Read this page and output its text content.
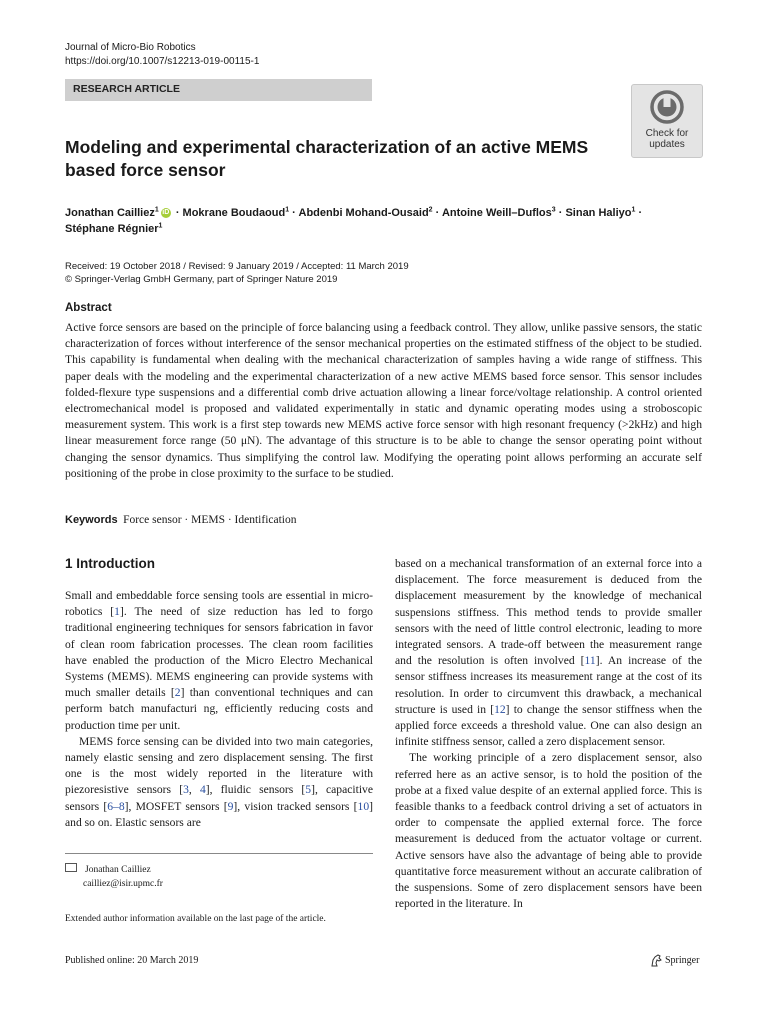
Journal of Micro-Bio Robotics
https://doi.org/10.1007/s12213-019-00115-1
RESEARCH ARTICLE
Check for
updates
Modeling and experimental characterization of an active MEMS based force sensor
Jonathan Cailliez$^1$ iD · Mokrane Boudaoud$^1$ · Abdenbi Mohand-Ousaid$^2$ · Antoine Weill–Duflos$^3$ · Sinan Haliyo$^1$ ·
Stéphane Régnier$^1$
Received: 19 October 2018 / Revised: 9 January 2019 / Accepted: 11 March 2019
© Springer-Verlag GmbH Germany, part of Springer Nature 2019
Abstract
Active force sensors are based on the principle of force balancing using a feedback control. They allow, unlike passive sensors, the static characterization of forces without interference of the sensor mechanical properties on the estimated stiffness of the object to be studied. This capability is fundamental when dealing with the mechanical characterization of samples having a wide range of stiffness. This paper deals with the modeling and the experimental characterization of a new active MEMS based force sensor. This sensor includes folded-flexure type suspensions and a differential comb drive actuation allowing a linear force/voltage relationship. A control oriented electromechanical model is proposed and validated experimentally in static and dynamic operating modes using a stroboscopic measurement system. This work is a first step towards new MEMS active force sensor with high resonant frequency (>2kHz) and high linear measurement force range (50 μN). The advantage of this structure is to be able to change the sensor operating point without changing the sensor dynamics. Thus simplifying the control law. Modifying the operating point allows performing an accurate self positioning of the probe in close proximity to the surface to be studied.
Keywords Force sensor · MEMS · Identification
1 Introduction

Small and embeddable force sensing tools are essential in micro-robotics [1]. The need of size reduction has led to forgo traditional engineering techniques for sensors fabrication in favor of clean room fabrication processes. The clean room facilities have enabled the production of the Micro Electro Mechanical Systems (MEMS). MEMS engineering can provide systems with much smaller details [2] than conventional techniques and can perform batch manufacturi ng, efficiently reducing costs and production time per unit.

MEMS force sensing can be divided into two main categories, namely elastic sensing and zero displacement sensing. The first one is the most widely reported in the literature with piezoresistive sensors [3, 4], fluidic sensors [5], capacitive sensors [6–8], MOSFET sensors [9], vision tracked sensors [10] and so on. Elastic sensors are

based on a mechanical transformation of an external force into a displacement. The force measurement is deduced from the displacement measurement by the knowledge of mechanical suspensions stiffness. This method tends to provide smaller sensors with the need of little control electronic, leading to more integrated sensors. A trade-off between the measurement range and the resolution is often involved [11]. An increase of the sensor stiffness increases its measurement range at the cost of its resolution. In order to circumvent this drawback, a mechanical structure is used in [12] to change the sensor stiffness when the applied force exceeds a threshold value. One can also design an infinite stiffness sensor, called a zero displacement sensor.

The working principle of a zero displacement sensor, also referred here as an active sensor, is to hold the position of the probe at a fixed value despite of an external applied force. This is feasible thanks to a feedback control driving a set of actuators in order to compensate the applied external force. The force measurement is deduced from the actuator voltage or current. Active sensors have also the advantage of being able to provide quantitative force measurement without an accurate calibration of the suspensions. Some of zero displacement sensors have been reported in the literature. In

Jonathan Cailliez
cailliez@isir.upmc.fr
Extended author information available on the last page of the article.
Published online: 20 March 2019	Springer
